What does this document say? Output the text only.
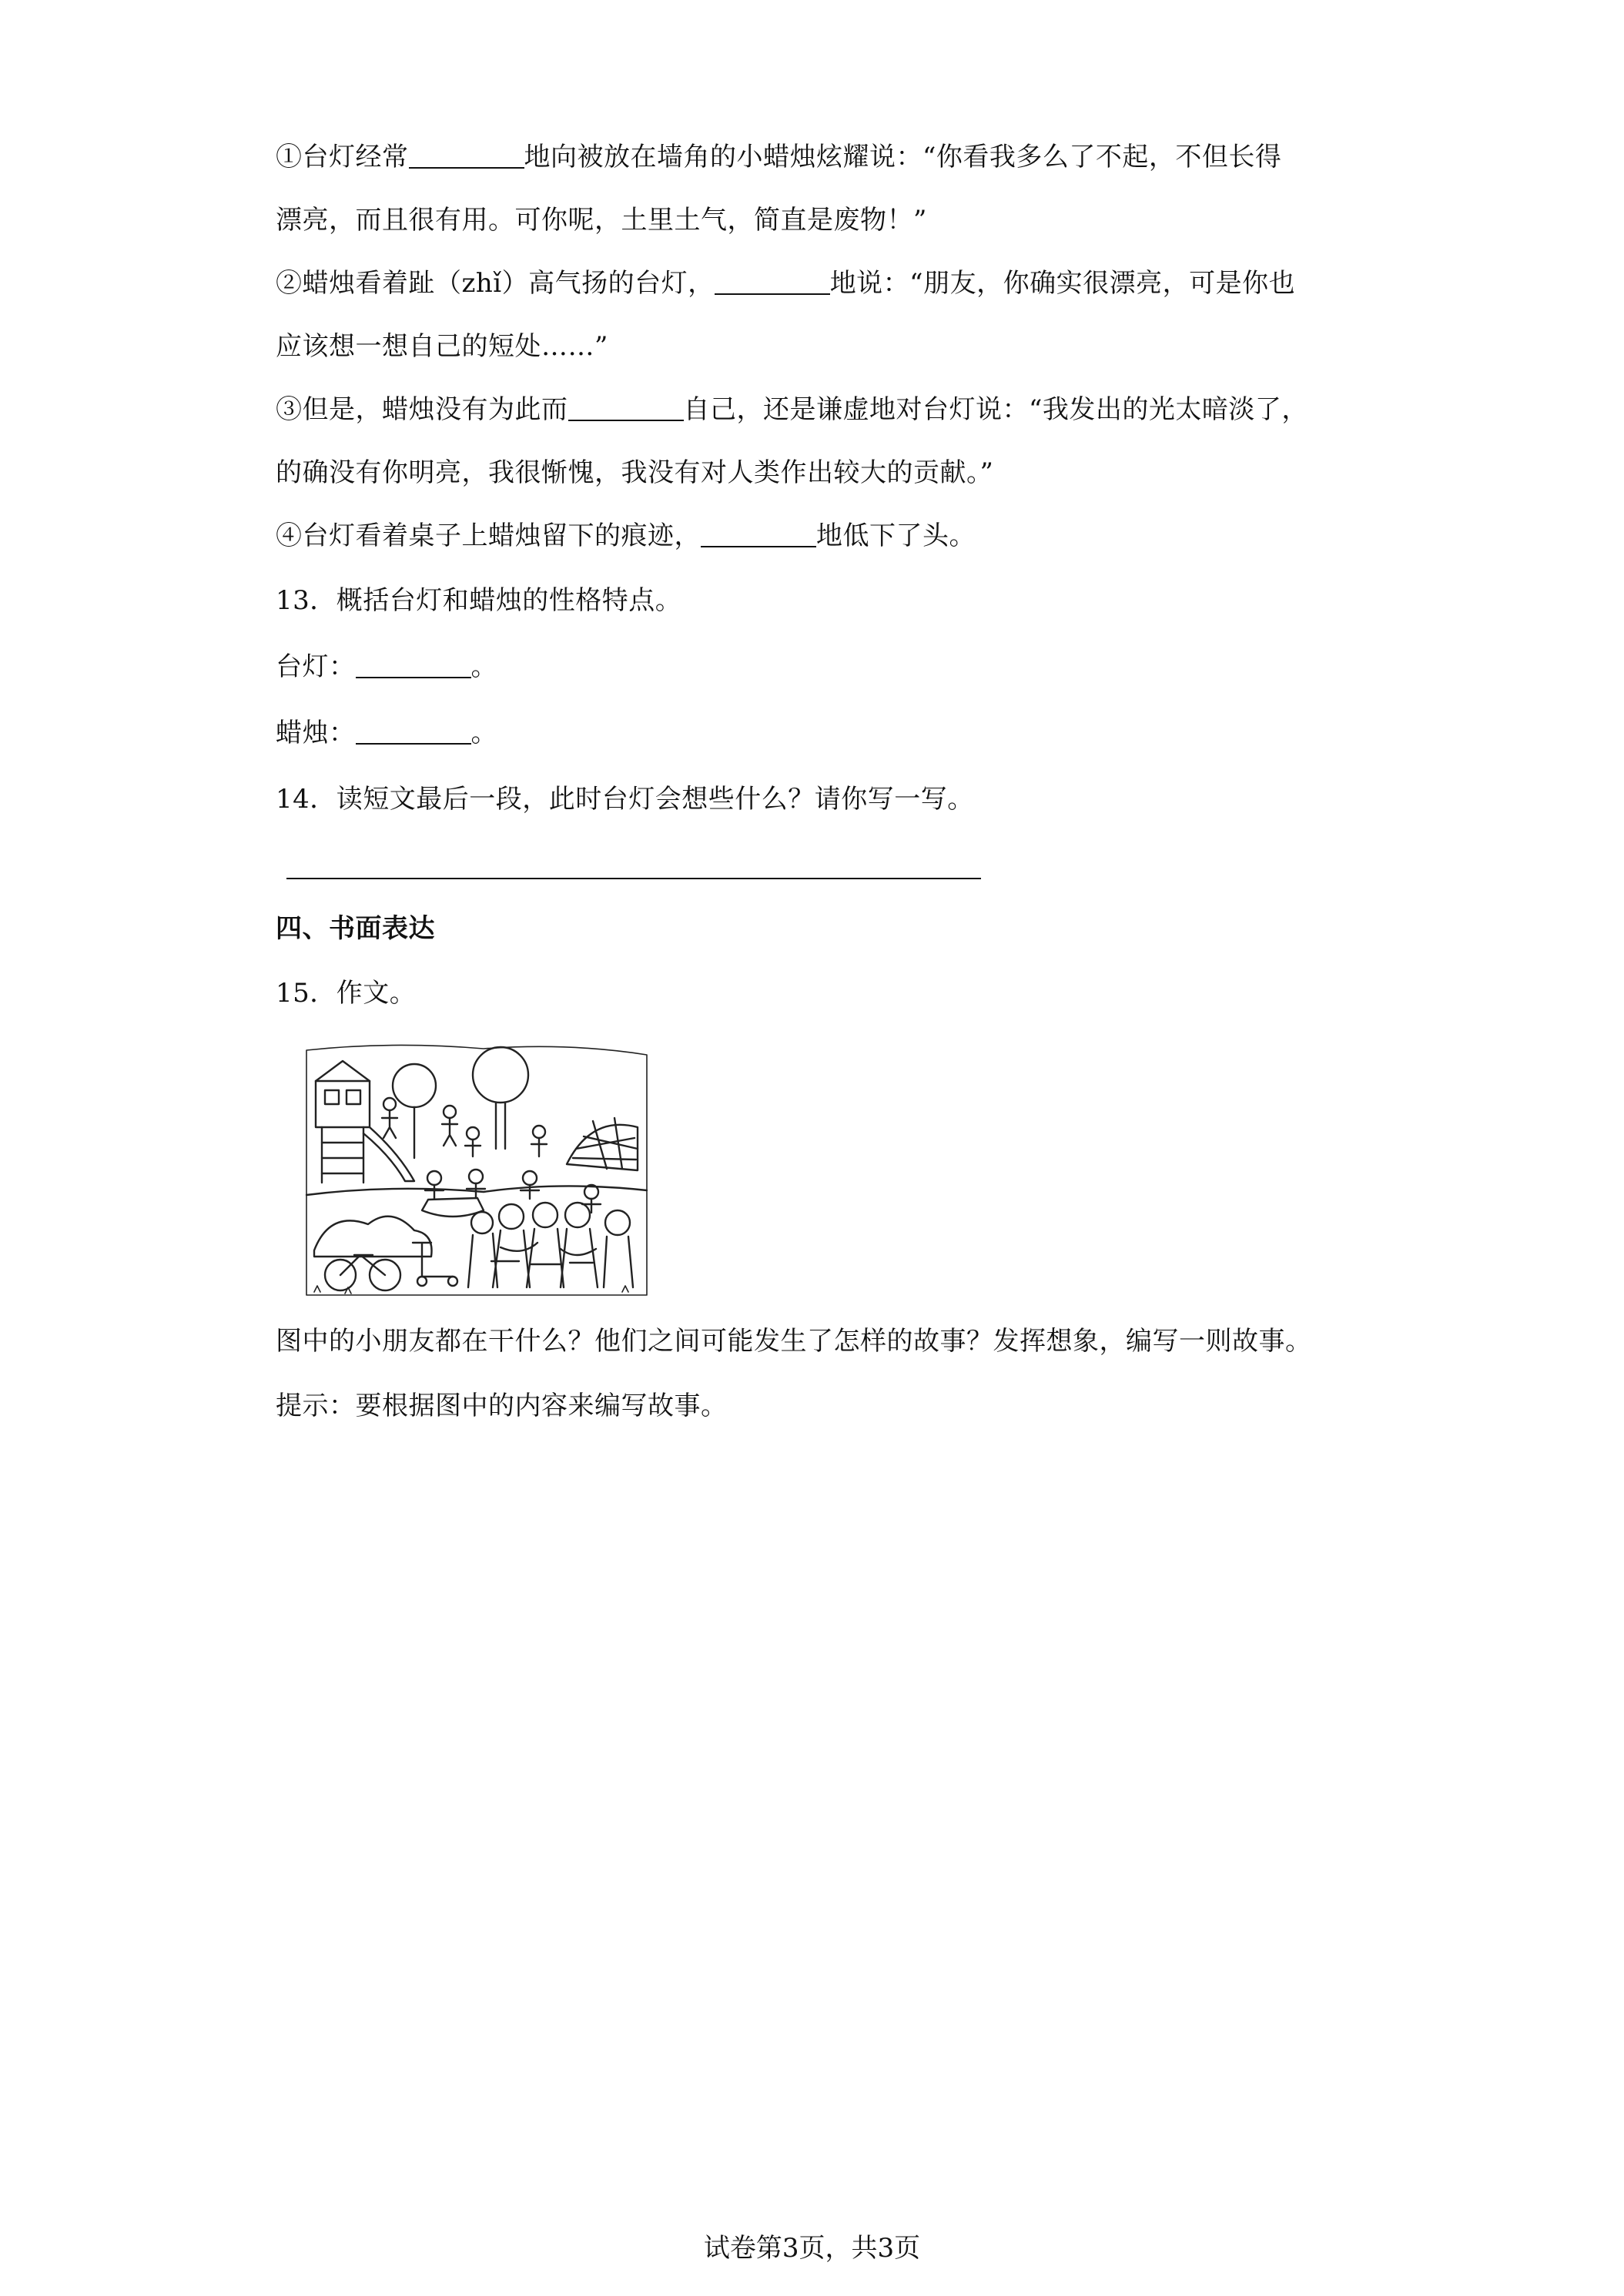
①台灯经常	地向被放在墙角的小蜡烛炫耀说：“你看我多么了不起，不但长得
漂亮，而且很有用。可你呢，土里土气，简直是废物！”
②蜡烛看着趾（zhǐ）高气扬的台灯，	地说：“朋友，你确实很漂亮，可是你也
应该想一想自己的短处……”
③但是，蜡烛没有为此而	自己，还是谦虚地对台灯说：“我发出的光太暗淡了，
的确没有你明亮，我很惭愧，我没有对人类作出较大的贡献。”
④台灯看着桌子上蜡烛留下的痕迹，	地低下了头。
13．概括台灯和蜡烛的性格特点。
台灯：	。
蜡烛：	。
14．读短文最后一段，此时台灯会想些什么？请你写一写。
四、书面表达
15．作文。
图中的小朋友都在干什么？他们之间可能发生了怎样的故事？发挥想象，编写一则故事。
提示：要根据图中的内容来编写故事。
试卷第3页，共3页
